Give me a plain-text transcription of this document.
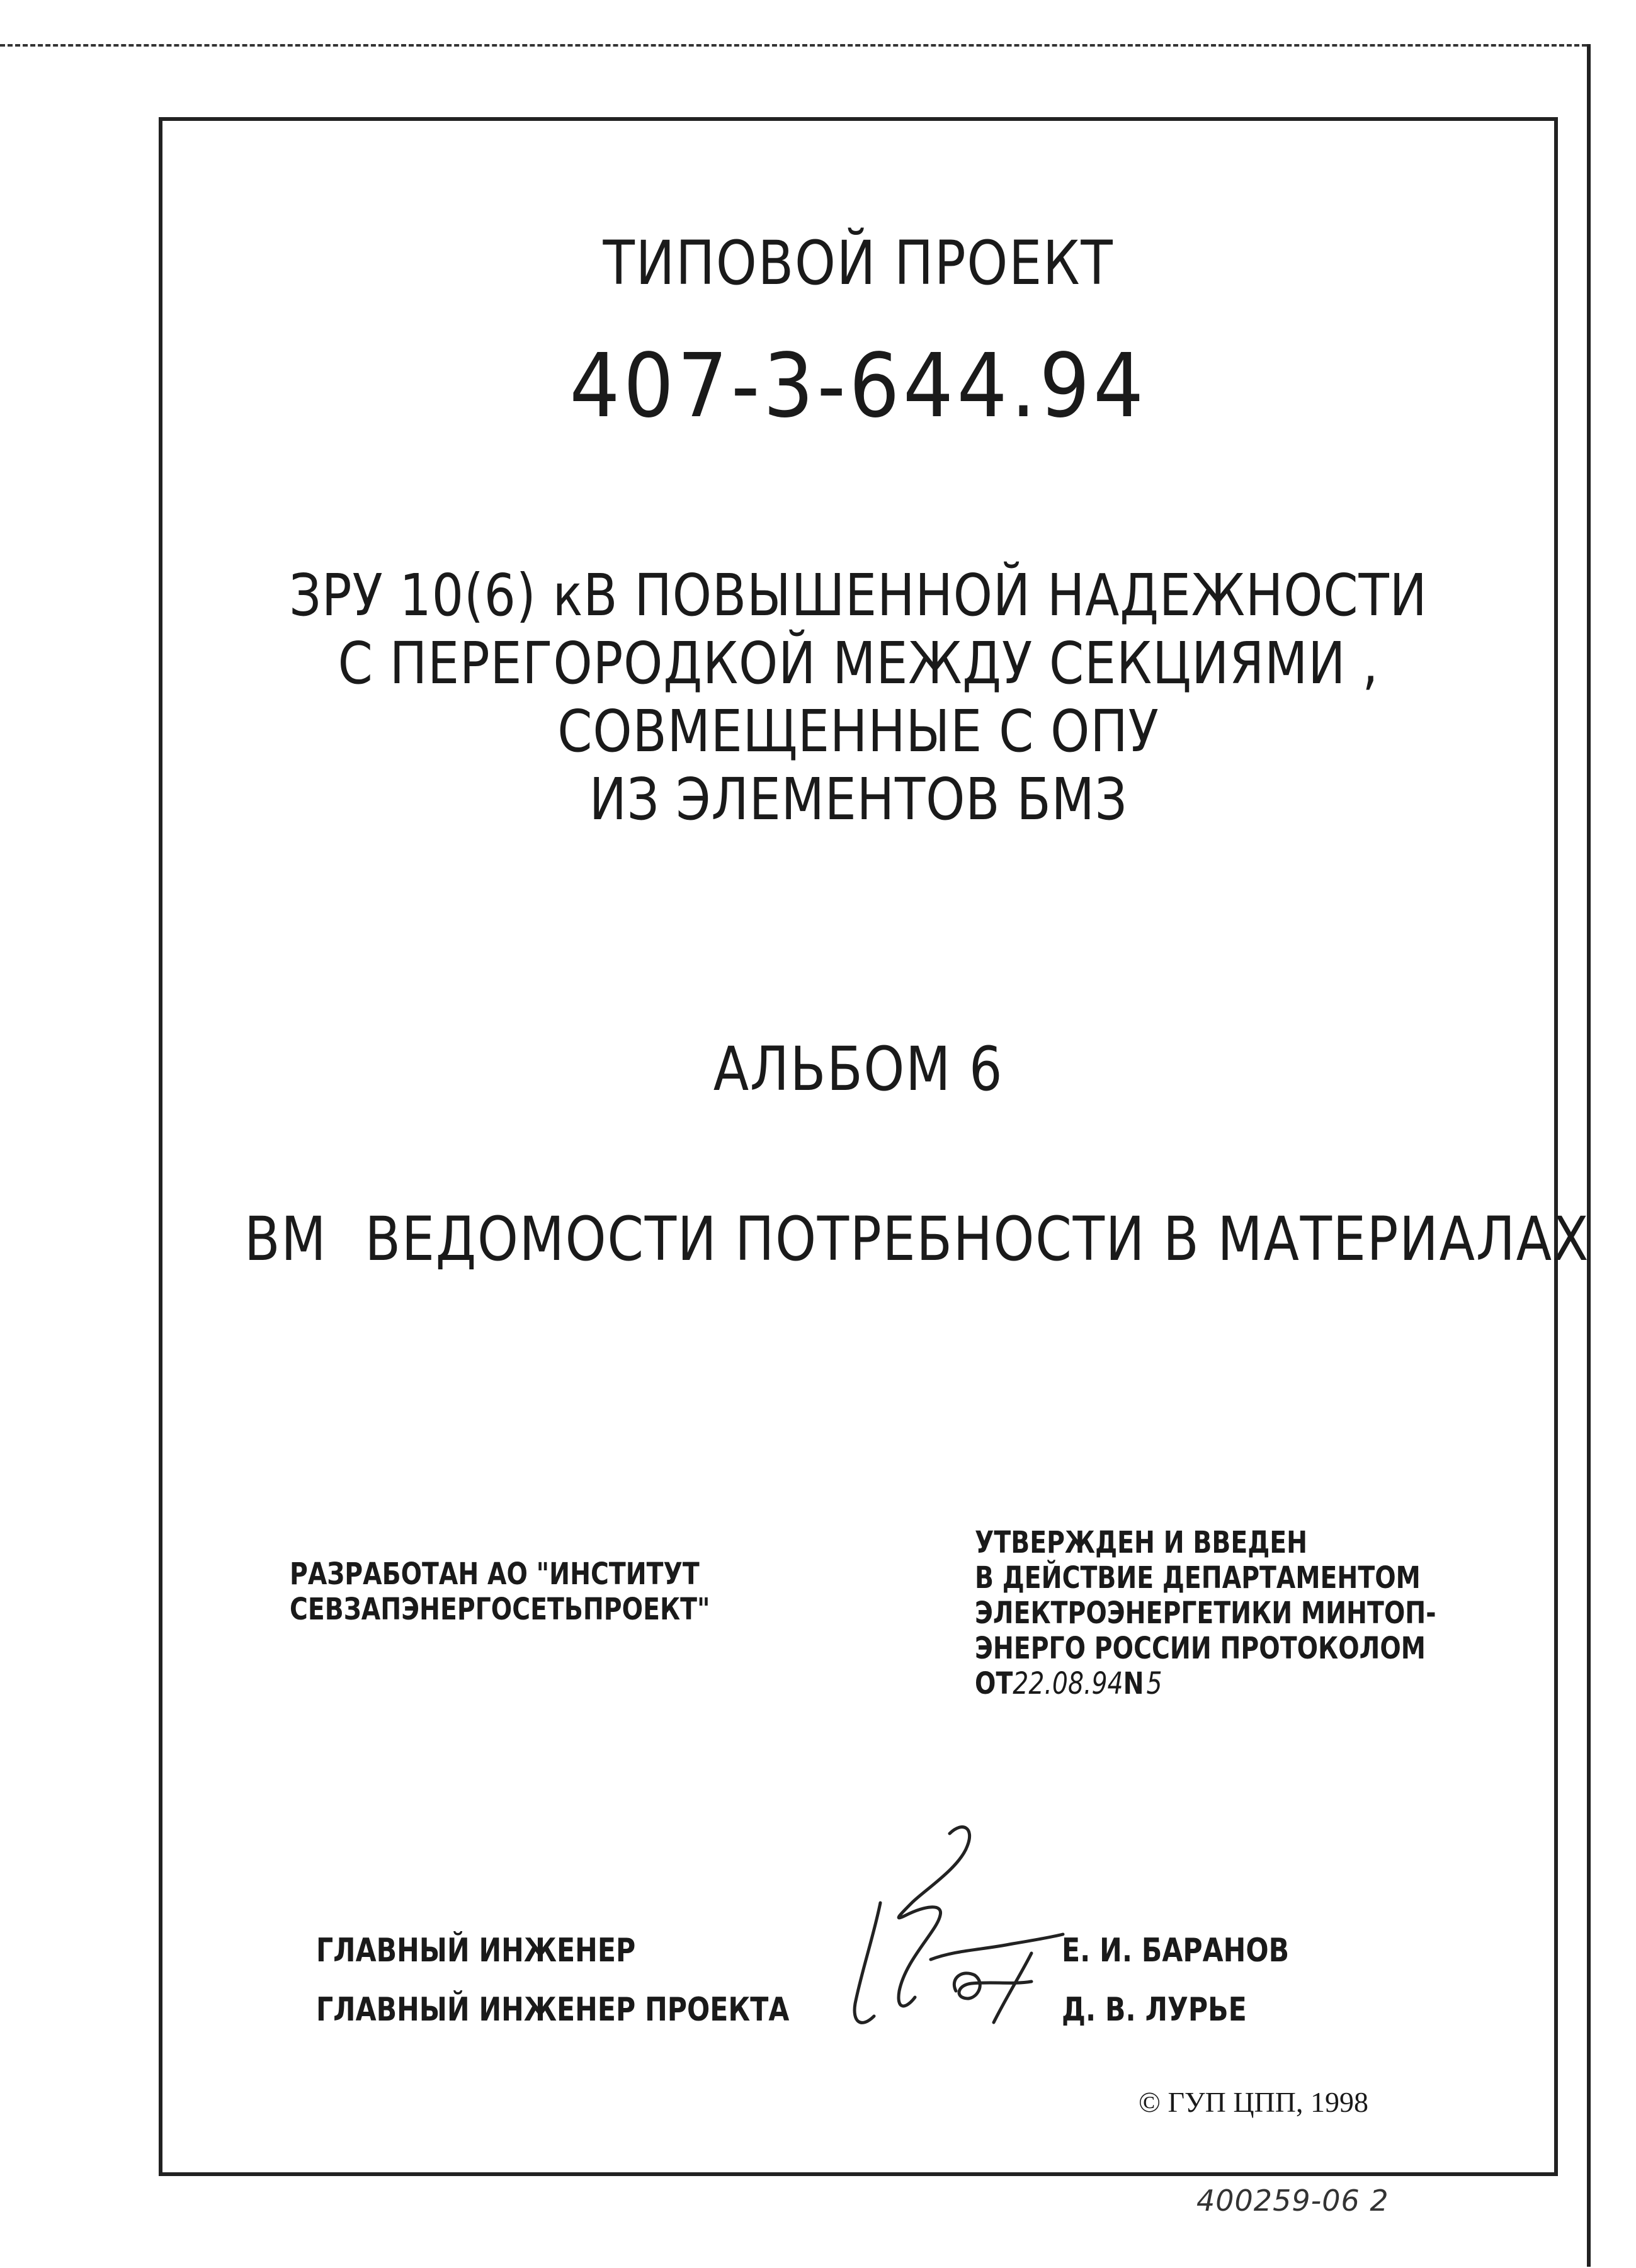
ТИПОВОЙ ПРОЕКТ
407-3-644.94
ЗРУ 10(6) кВ ПОВЫШЕННОЙ НАДЕЖНОСТИ
С ПЕРЕГОРОДКОЙ МЕЖДУ СЕКЦИЯМИ ,
СОВМЕЩЕННЫЕ С ОПУ
ИЗ ЭЛЕМЕНТОВ БМЗ
АЛЬБОМ 6
ВМ ВЕДОМОСТИ ПОТРЕБНОСТИ В МАТЕРИАЛАХ
РАЗРАБОТАН АО "ИНСТИТУТ
СЕВЗАПЭНЕРГОСЕТЬПРОЕКТ"
УТВЕРЖДЕН И ВВЕДЕН
В ДЕЙСТВИЕ ДЕПАРТАМЕНТОМ
ЭЛЕКТРОЭНЕРГЕТИКИ МИНТОП-
ЭНЕРГО РОССИИ ПРОТОКОЛОМ
ОТ22.08.94N 5
ГЛАВНЫЙ ИНЖЕНЕР
ГЛАВНЫЙ ИНЖЕНЕР ПРОЕКТА
Е. И. БАРАНОВ
Д. В. ЛУРЬЕ
© ГУП ЦПП, 1998
400259-06 2
